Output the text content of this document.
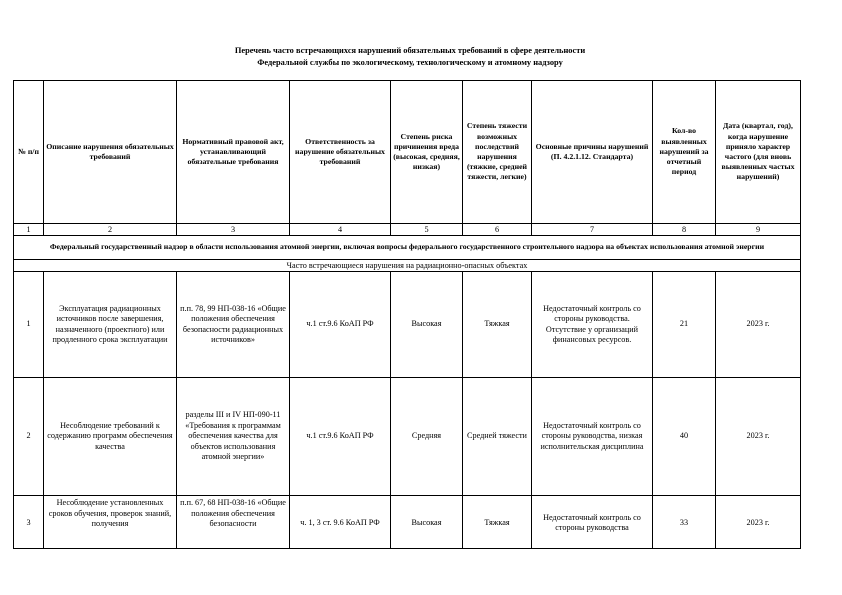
Перечень часто встречающихся нарушений обязательных требований в сфере деятельности
Федеральной службы по экологическому, технологическому и атомному надзору
№ п/п	Описание нарушения обязательных требований	Нормативный правовой акт, устанавливающий обязательные требования	Ответственность за нарушение обязательных требований	Степень риска причинения вреда (высокая, средняя, низкая)	Степень тяжести возможных последствий нарушения (тяжкие, средней тяжести, легкие)	Основные причины нарушений (П. 4.2.1.12. Стандарта)	Кол-во выявленных нарушений за отчетный период	Дата (квартал, год), когда нарушение приняло характер частого (для вновь выявленных частых нарушений)
1	2	3	4	5	6	7	8	9
Федеральный государственный надзор в области использования атомной энергии, включая вопросы федерального государственного строительного надзора на объектах использования атомной энергии								
Часто встречающиеся нарушения на радиационно-опасных объектах								
1	Эксплуатация радиационных источников после завершения, назначенного (проектного) или продленного срока эксплуатации	п.п. 78, 99 НП-038-16 «Общие положения обеспечения безопасности радиационных источников»	ч.1 ст.9.6 КоАП РФ	Высокая	Тяжкая	Недостаточный контроль со стороны руководства. Отсутствие у организаций финансовых ресурсов.	21	2023 г.
2	Несоблюдение требований к содержанию программ обеспечения качества	разделы III и IV НП-090-11 «Требования к программам обеспечения качества для объектов использования атомной энергии»	ч.1 ст.9.6 КоАП РФ	Средняя	Средней тяжести	Недостаточный контроль со стороны руководства, низкая исполнительская дисциплина	40	2023 г.
3	Несоблюдение установленных сроков обучения, проверок знаний, получения	п.п. 67, 68 НП-038-16 «Общие положения обеспечения безопасности	ч. 1, 3 ст. 9.6 КоАП РФ	Высокая	Тяжкая	Недостаточный контроль со стороны руководства	33	2023 г.
